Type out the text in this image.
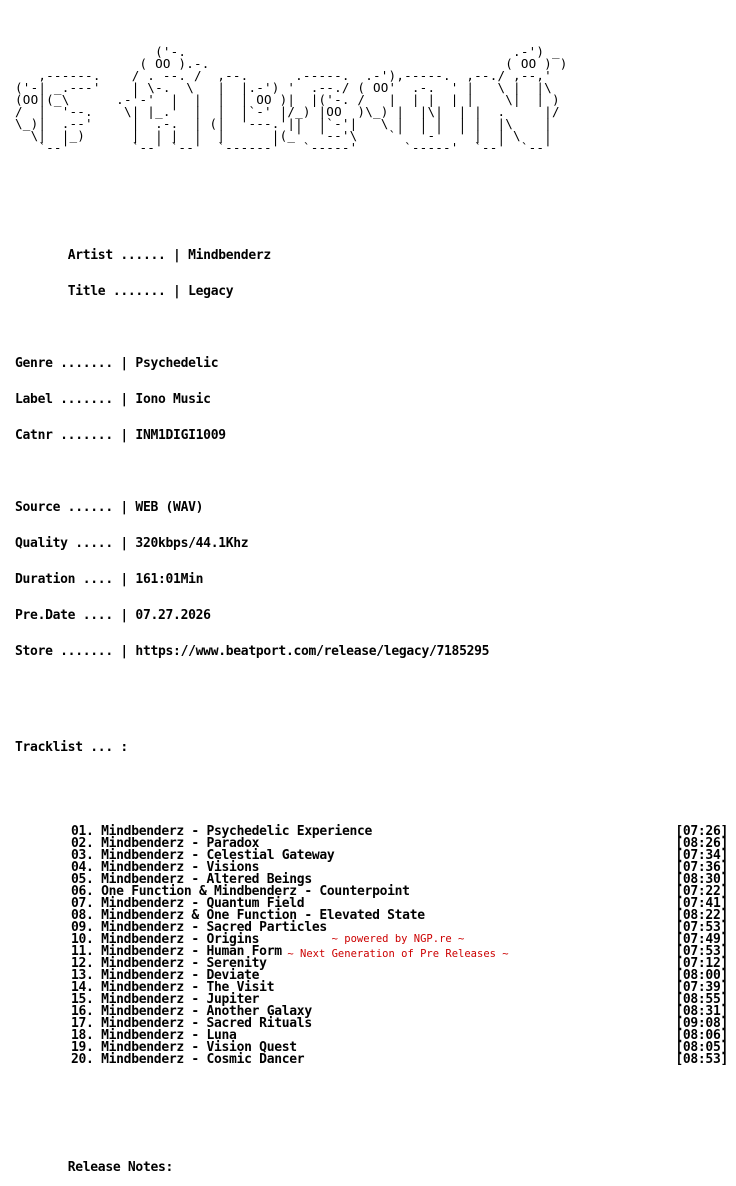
('-.                                          .-') _
( OO ).-.                                      ( OO ) )
,------.    / . --. /  ,--.      .-----.  .-'),-----.  ,--./ ,--,'
('-| _.---'    | \-.  \   |  |.-') '  .--./ ( OO'  .-.  ' |   \ |  |\
(OO|(_\      .-'-'  |  |  |  | OO )|  |('-. /   |  | |  | |    \|  | )
/  |  '--.    \| |_.'  |  |  |`-' |/_) |OO  )\_) |  |\|  | |  .     |/
\_)|  .--'     |  .-.  | (|  '---.'||  |`-'|   \ |  | |  | |  |\    |
\|  |_)      |  | |  |  |      |(_'  '--'\    `'  '-'  ' |  | \   |
`--'        `--' `--'  `------'   `-----'      `-----'  `--'  `--'

Artist ...... | Mindbenderz

Title ....... | Legacy

Genre ....... | Psychedelic

Label ....... | Iono Music

Catnr ....... | INM1DIGI1009

Source ...... | WEB (WAV)

Quality ..... | 320kbps/44.1Khz

Duration .... | 161:01Min

Pre.Date .... | 07.27.2026

Store ....... | https://www.beatport.com/release/legacy/7185295

Tracklist ... :

01. Mindbenderz - Psychedelic Experience	[07:26]
02. Mindbenderz - Paradox	[08:26]
03. Mindbenderz - Celestial Gateway	[07:34]
04. Mindbenderz - Visions	[07:36]
05. Mindbenderz - Altered Beings	[08:30]
06. One Function & Mindbenderz - Counterpoint	[07:22]
07. Mindbenderz - Quantum Field	[07:41]
08. Mindbenderz & One Function - Elevated State	[08:22]
09. Mindbenderz - Sacred Particles	[07:53]
10. Mindbenderz - Origins	[07:49]
11. Mindbenderz - Human Form	[07:53]
12. Mindbenderz - Serenity	[07:12]
13. Mindbenderz - Deviate	[08:00]
14. Mindbenderz - The Visit	[07:39]
15. Mindbenderz - Jupiter	[08:55]
16. Mindbenderz - Another Galaxy	[08:31]
17. Mindbenderz - Sacred Rituals	[09:08]
18. Mindbenderz - Luna	[08:06]
19. Mindbenderz - Vision Quest	[08:05]
20. Mindbenderz - Cosmic Dancer	[08:53]

Release Notes:

~ powered by NGP.re ~
~ Next Generation of Pre Releases ~
